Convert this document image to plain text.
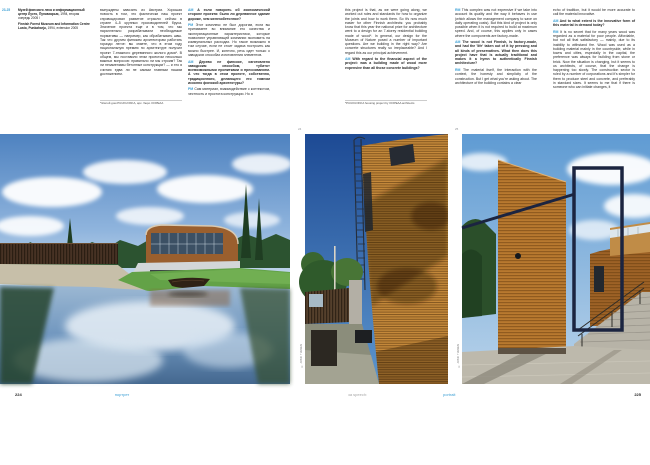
23-25 Музей финского леса и информационный центр Лусто, Пункахарью, 1994, вторая очередь 2005 /

Finnish Forest Museum and Information Centre Lusto, Punkaharju, 1994, extension 2005

вынуждены завозить из Австрии. Хорошая новость в том, что фактически наш проект спровоцировал развитие отрасли: сейчас в стране 4–5 крупных производителей бруса. Значение проекта еще и в том, что мы параллельно разрабатывали необходимые нормативы — например, как обрабатывать швы. Так что другим финским архитекторам работать гораздо легче: вы знаете, что в этом году национальную премию по архитектуре получил проект 7-этажного деревянного жилого дома*. В общем, мы поставили этим проектом несколько важных вопросов: правильно ли мы строим? Так ли незаменимы бетонные конструкции? — и это я считаю едва ли не самым главным нашим достижением.

*Жилой дом PUUKUOKKA, арх. бюро OOPEAA

АМ А если говорить об экономической стороне проекта: было ли деревянное здание дороже, чем железобетонное?

РМ Этот комплекс не был дорогим, если вы принимаете во внимание его качества и эксплуатационные характеристики, которые позволяют управляющей компании экономить на коммунальных расходах. Но такое возможно в том случае, если не стоит задача построить как можно быстрее. И, конечно, речь идет только о заводских способах изготовления элементов.

АМ Дерево не финское, изготовлено заводским способом, «убито» всевозможными пропитками и прессованием. А что тогда в этом проекте, собственно, традиционного, делающего его гимном исконно финской архитектуры?

РМ Сам материал, взаимодействие с контекстом, честность и простота конструкции. Но я

this project is that, as we were going along, we worked out rules and standards for how to organize the joints and how to work them. So it's now much easier for other Finnish architects: you probably know that this year the national prize for architecture went to a design for an 7-storey residential building made of wood*. In general, our design for the Museum of Nature posed a number of important questions. Are we building in the right way? Are concrete structures really so irreplaceable? And I regard this as our principal achievement.

AM With regard to the financial aspect of the project: was a building made of wood more expensive than all those concrete buildings?

*PUUKUOKKA housing project by OOPEAA architects

RM This complex was not expensive if we take into account its quality and the way it behaves in use (which allows the management company to save on daily operating costs). But this kind of project is only possible when it is not required to build at maximum speed. And, of course, this applies only in cases where the components are factory-made.

AM The wood is not Finnish, is factory-made, and had the 'life' taken out of it by pressing and all kinds of preservatives. What then does this project have that is actually traditional and makes it a hymn to authentically Finnish architecture?

RM The material itself, the interaction with the context, the honesty and simplicity of the construction. But I get what you're asking about. The architecture of the building contains a clear

echo of tradition, but it would be more accurate to call the material innovative.

AM And to what extent is the innovative form of this material in demand today?

RM It is no secret that for many years wood was regarded as a material for poor people. Affordable, but not all that satisfactory — mainly, due to its inability to withstand fire. Wood was used as a building material mainly in the countryside, while in towns and cities, especially in the capital, the preference was always for building from stone or brick. Now the situation is changing, but it seems to us architects, of course, that the change is happening too slowly. The construction sector is ruled by a number of corporations and it's simpler for them to produce steel and concrete, and preferably in standard sizes. It seems to me that if there is someone who can initiate changes, it

24	25
© JUSSI TIAINEN
© JUSSI TIAINEN	© JUSSI TIAINEN
224	портрет	за speech:	portrait	225
